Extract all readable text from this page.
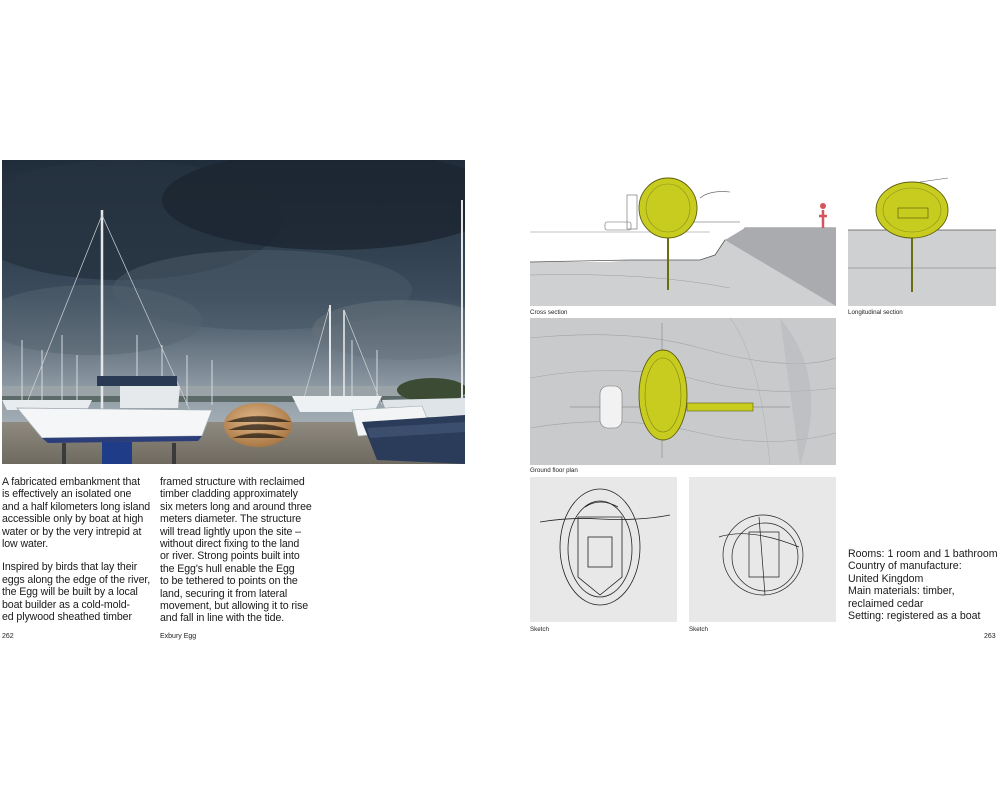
A fabricated embankment that
is effectively an isolated one
and a half kilometers long island
accessible only by boat at high
water or by the very intrepid at
low water.

Inspired by birds that lay their
eggs along the edge of the river,
the Egg will be built by a local
boat builder as a cold-mold-
ed plywood sheathed timber

framed structure with reclaimed
timber cladding approximately
six meters long and around three
meters diameter. The structure
will tread lightly upon the site –
without direct fixing to the land
or river. Strong points built into
the Egg's hull enable the Egg
to be tethered to points on the
land, securing it from lateral
movement, but allowing it to rise
and fall in line with the tide.

262	Exbury Egg
Cross section	Longitudinal section
Ground floor plan
Sketch	Sketch
Rooms: 1 room and 1 bathroom
Country of manufacture:
United Kingdom
Main materials: timber,
reclaimed cedar
Setting: registered as a boat
263
